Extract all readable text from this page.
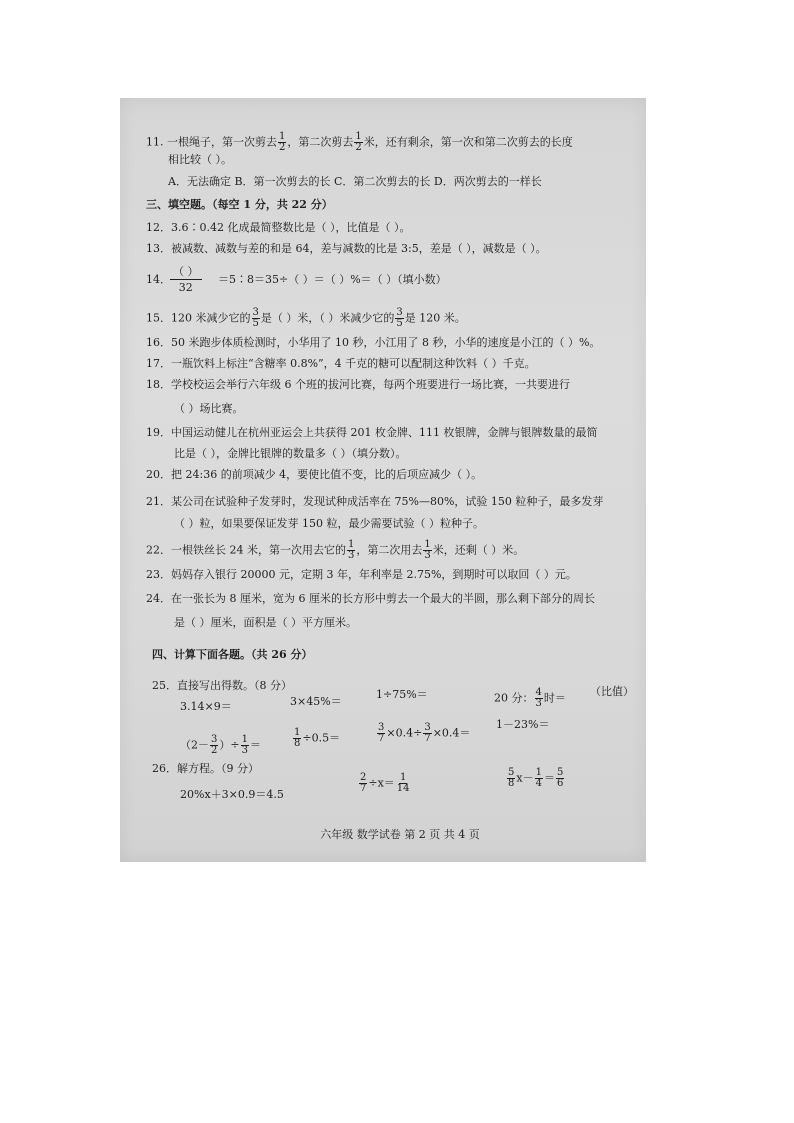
11. 一根绳子，第一次剪去 $\frac{1}{2}$ ，第二次剪去 $\frac{1}{2}$ 米，还有剩余，第一次和第二次剪去的长度
相比较（ ）。
A．无法确定 B．第一次剪去的长 C．第二次剪去的长 D．两次剪去的一样长
三、填空题。（每空 1 分，共 22 分）
12．3.6∶0.42 化成最简整数比是（ ），比值是（ ）。
13．被减数、减数与差的和是 64，差与减数的比是 3:5，差是（ ），减数是（ ）。
14．
（ ）
32
＝5∶8＝35÷（ ）＝（ ）%＝（ ）（填小数）
15．120 米减少它的 $\frac{3}{5}$ 是（ ）米，（ ）米减少它的 $\frac{3}{5}$ 是 120 米。
16．50 米跑步体质检测时，小华用了 10 秒，小江用了 8 秒，小华的速度是小江的（ ）%。
17．一瓶饮料上标注“含糖率 0.8%”，4 千克的糖可以配制这种饮料（ ）千克。
18．学校校运会举行六年级 6 个班的拔河比赛，每两个班要进行一场比赛，一共要进行
（ ）场比赛。
19．中国运动健儿在杭州亚运会上共获得 201 枚金牌、111 枚银牌，金牌与银牌数量的最简
比是（ ），金牌比银牌的数量多（ ）（填分数）。
20．把 24:36 的前项减少 4，要使比值不变，比的后项应减少（ ）。
21．某公司在试验种子发芽时，发现试种成活率在 75%—80%，试验 150 粒种子，最多发芽
（ ）粒，如果要保证发芽 150 粒，最少需要试验（ ）粒种子。
22．一根铁丝长 24 米，第一次用去它的 $\frac{1}{3}$ ，第二次用去 $\frac{1}{3}$ 米，还剩（ ）米。
23．妈妈存入银行 20000 元，定期 3 年，年利率是 2.75%，到期时可以取回（ ）元。
24．在一张长为 8 厘米，宽为 6 厘米的长方形中剪去一个最大的半圆，那么剩下部分的周长
是（ ）厘米，面积是（ ）平方厘米。
四、计算下面各题。（共 26 分）
25．直接写出得数。（8 分）
3.14×9＝	3×45%＝
1÷75%＝	20 分： $\frac{4}{3}$ 时＝ （比值）
（$2- \frac{3}{2}$ ）÷ $\frac{1}{3}$ ＝	$\frac{1}{8} \div 0.5=$	$\frac{3}{7} \times 0.4\div \frac{3}{7} \times 0.4=$
1－23%＝
26．解方程。（9 分）
20%x＋3×0.9＝4.5
$\frac{2}{7} \div x= \frac{1}{14}$	$\frac{5}{8} x- \frac{1}{4} = \frac{5}{6}$
六年级 数学试卷 第 2 页 共 4 页
